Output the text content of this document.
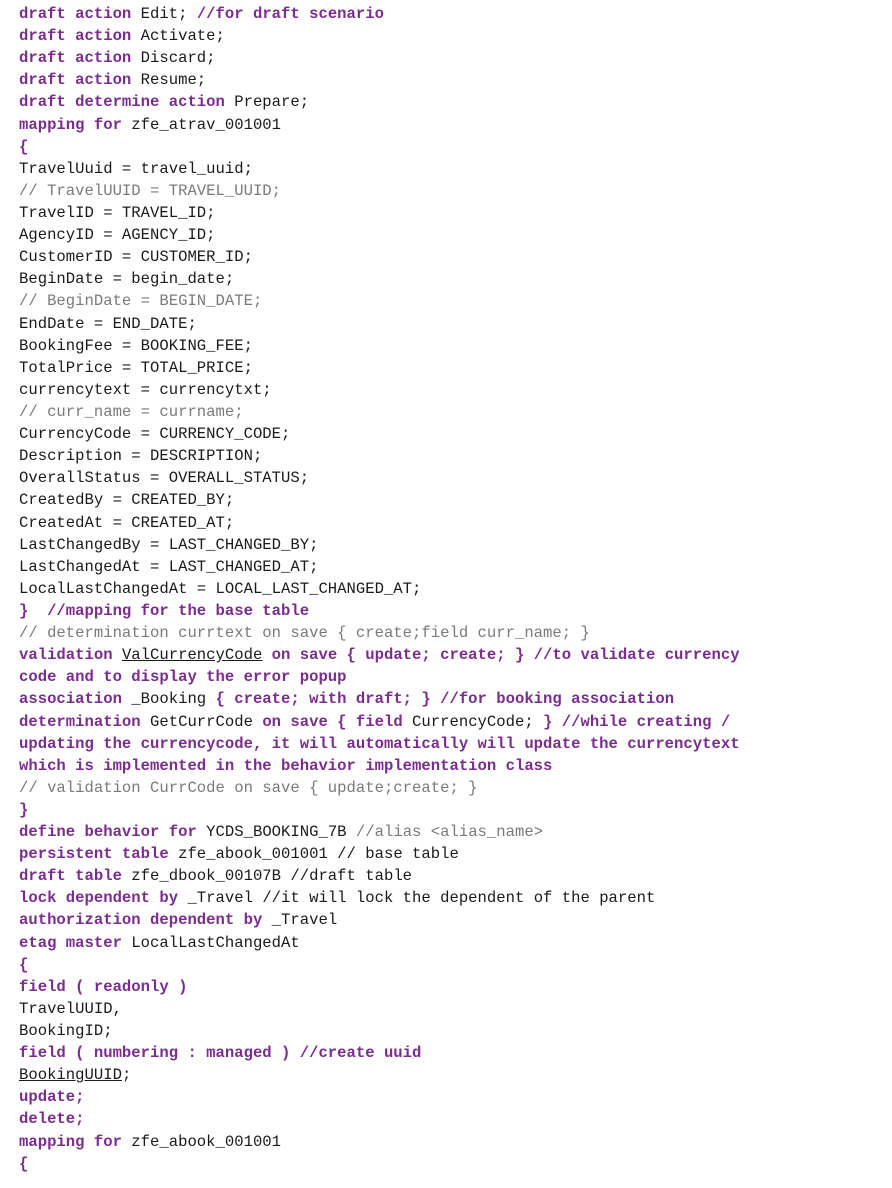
draft action Edit; //for draft scenario
draft action Activate;
draft action Discard;
draft action Resume;
draft determine action Prepare;
mapping for zfe_atrav_001001
{
TravelUuid = travel_uuid;
// TravelUUID = TRAVEL_UUID;
TravelID = TRAVEL_ID;
AgencyID = AGENCY_ID;
CustomerID = CUSTOMER_ID;
BeginDate = begin_date;
// BeginDate = BEGIN_DATE;
EndDate = END_DATE;
BookingFee = BOOKING_FEE;
TotalPrice = TOTAL_PRICE;
currencytext = currencytxt;
// curr_name = currname;
CurrencyCode = CURRENCY_CODE;
Description = DESCRIPTION;
OverallStatus = OVERALL_STATUS;
CreatedBy = CREATED_BY;
CreatedAt = CREATED_AT;
LastChangedBy = LAST_CHANGED_BY;
LastChangedAt = LAST_CHANGED_AT;
LocalLastChangedAt = LOCAL_LAST_CHANGED_AT;
}  //mapping for the base table
// determination currtext on save { create;field curr_name; }
validation ValCurrencyCode on save { update; create; } //to validate currency
code and to display the error popup
association _Booking { create; with draft; } //for booking association
determination GetCurrCode on save { field CurrencyCode; } //while creating /
updating the currencycode, it will automatically will update the currencytext
which is implemented in the behavior implementation class
// validation CurrCode on save { update;create; }
}
define behavior for YCDS_BOOKING_7B //alias <alias_name>
persistent table zfe_abook_001001 // base table
draft table zfe_dbook_00107B //draft table
lock dependent by _Travel //it will lock the dependent of the parent
authorization dependent by _Travel
etag master LocalLastChangedAt
{
field ( readonly )
TravelUUID,
BookingID;
field ( numbering : managed ) //create uuid
BookingUUID;
update;
delete;
mapping for zfe_abook_001001
{
